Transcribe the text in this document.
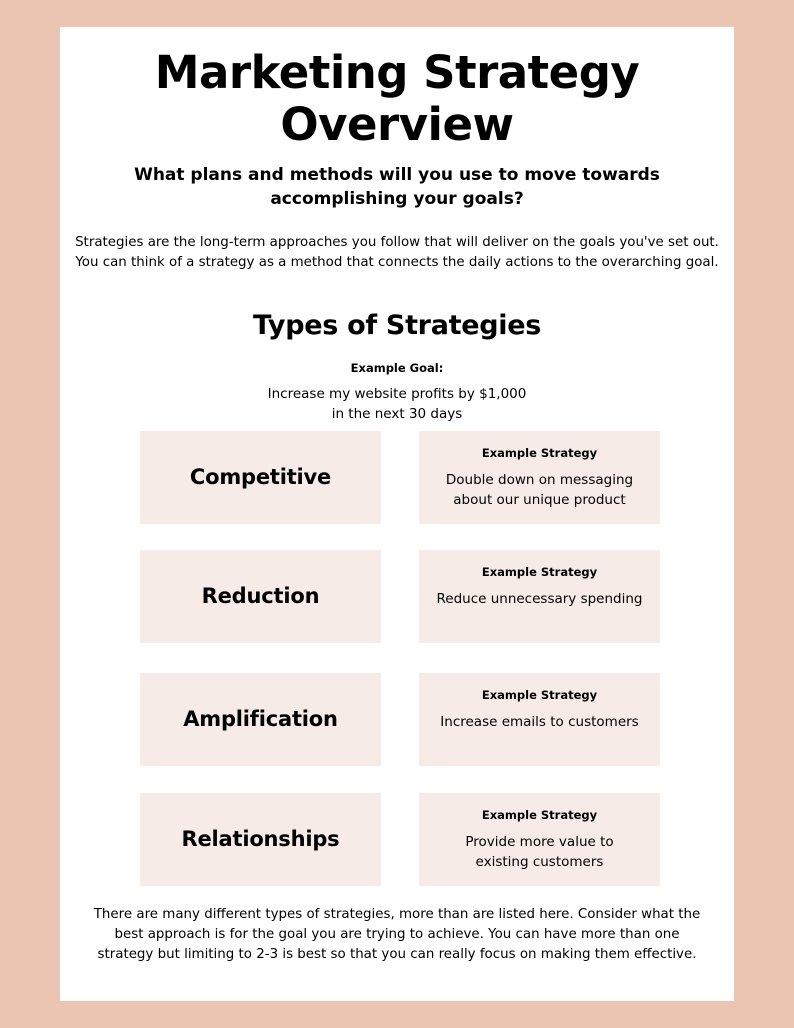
Marketing Strategy
Overview
What plans and methods will you use to move towards accomplishing your goals?
Strategies are the long-term approaches you follow that will deliver on the goals you've set out. You can think of a strategy as a method that connects the daily actions to the overarching goal.
Types of Strategies
Example Goal:
Increase my website profits by $1,000
in the next 30 days
Competitive
Example Strategy
Double down on messaging
about our unique product
Reduction
Example Strategy
Reduce unnecessary spending
Amplification
Example Strategy
Increase emails to customers
Relationships
Example Strategy
Provide more value to
existing customers
There are many different types of strategies, more than are listed here. Consider what the best approach is for the goal you are trying to achieve. You can have more than one strategy but limiting to 2-3 is best so that you can really focus on making them effective.
